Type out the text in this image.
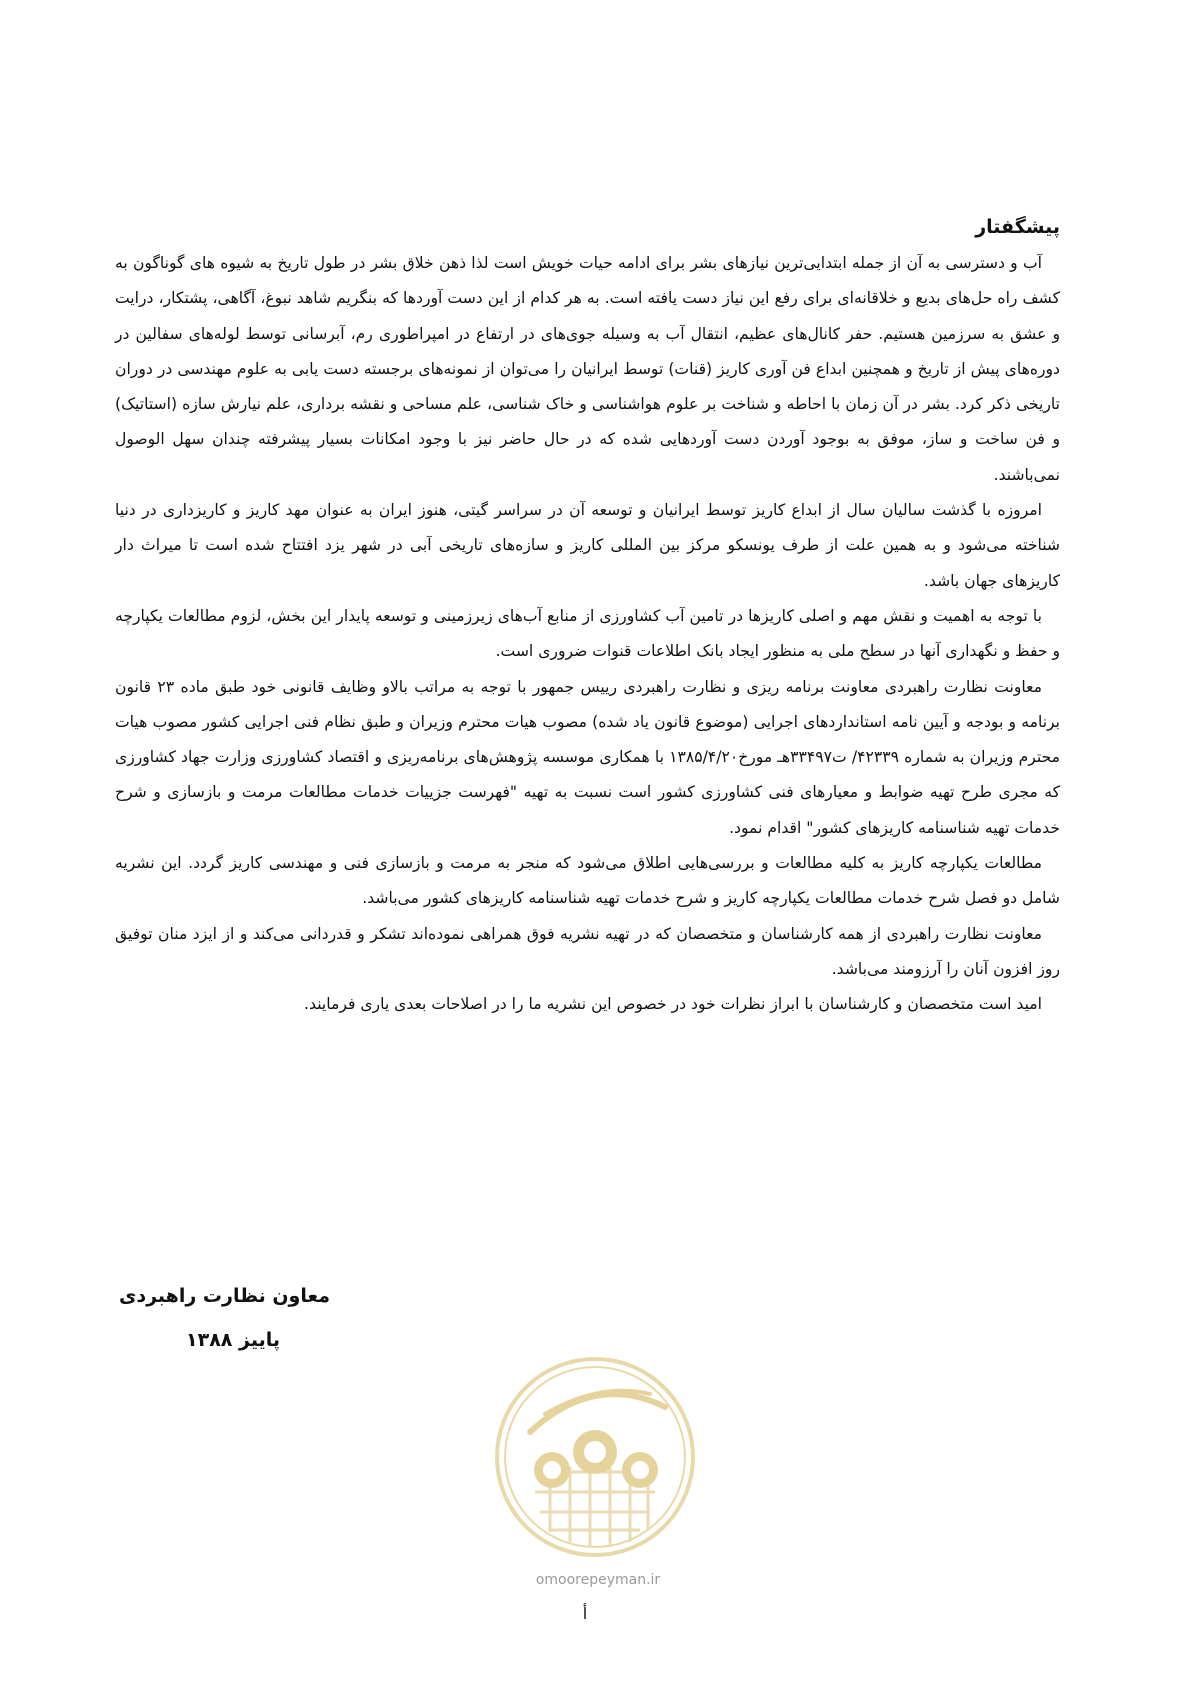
پیشگفتار

آب و دسترسی به آن از جمله ابتدایی‌ترین نیازهای بشر برای ادامه حیات خویش است لذا ذهن خلاق بشر در طول تاریخ به شیوه های گوناگون به کشف راه حل‌های بدیع و خلاقانه‌ای برای رفع این نیاز دست یافته است. به هر کدام از این دست آوردها که بنگریم شاهد نبوغ، آگاهی، پشتکار، درایت و عشق به سرزمین هستیم. حفر کانال‌های عظیم، انتقال آب به وسیله جوی‌های در ارتفاع در امپراطوری رم، آبرسانی توسط لوله‌های سفالین در دوره‌های پیش از تاریخ و همچنین ابداع فن آوری کاریز (قنات) توسط ایرانیان را می‌توان از نمونه‌های برجسته دست یابی به علوم مهندسی در دوران تاریخی ذکر کرد. بشر در آن زمان با احاطه و شناخت بر علوم هواشناسی و خاک شناسی، علم مساحی و نقشه برداری، علم نیارش سازه (استاتیک) و فن ساخت و ساز، موفق به بوجود آوردن دست آوردهایی شده که در حال حاضر نیز با وجود امکانات بسیار پیشرفته چندان سهل الوصول نمی‌باشند.

امروزه با گذشت سالیان سال از ابداع کاریز توسط ایرانیان و توسعه آن در سراسر گیتی، هنوز ایران به عنوان مهد کاریز و کاریزداری در دنیا شناخته می‌شود و به همین علت از طرف یونسکو مرکز بین المللی کاریز و سازه‌های تاریخی آبی در شهر یزد افتتاح شده است تا میراث دار کاریزهای جهان باشد.

با توجه به اهمیت و نقش مهم و اصلی کاریزها در تامین آب کشاورزی از منابع آب‌های زیرزمینی و توسعه پایدار این بخش، لزوم مطالعات یکپارچه و حفظ و نگهداری آنها در سطح ملی به منظور ایجاد بانک اطلاعات قنوات ضروری است.

معاونت نظارت راهبردی معاونت برنامه ریزی و نظارت راهبردی رییس جمهور با توجه به مراتب بالاو وظایف قانونی خود طبق ماده ۲۳ قانون برنامه و بودجه و آیین نامه استانداردهای اجرایی (موضوع قانون یاد شده) مصوب هیات محترم وزیران و طبق نظام فنی اجرایی کشور مصوب هیات محترم وزیران به شماره ۴۲۳۳۹/ ت۳۳۴۹۷هـ مورخ۱۳۸۵/۴/۲۰ با همکاری موسسه پژوهش‌های برنامه‌ریزی و اقتصاد کشاورزی وزارت جهاد کشاورزی که مجری طرح تهیه ضوابط و معیارهای فنی کشاورزی کشور است نسبت به تهیه "فهرست جزییات خدمات مطالعات مرمت و بازسازی و شرح خدمات تهیه شناسنامه کاریزهای کشور" اقدام نمود.

مطالعات یکپارچه کاریز به کلیه مطالعات و بررسی‌هایی اطلاق می‌شود که منجر به مرمت و بازسازی فنی و مهندسی کاریز گردد. این نشریه شامل دو فصل شرح خدمات مطالعات یکپارچه کاریز و شرح خدمات تهیه شناسنامه کاریزهای کشور می‌باشد.

معاونت نظارت راهبردی از همه کارشناسان و متخصصان که در تهیه نشریه فوق همراهی نموده‌اند تشکر و قدردانی می‌کند و از ایزد منان توفیق روز افزون آنان را آرزومند می‌باشد.

امید است متخصصان و کارشناسان با ابراز نظرات خود در خصوص این نشریه ما را در اصلاحات بعدی یاری فرمایند.

معاون نظارت راهبردی

پاییز ۱۳۸۸

omoorepeyman.ir
أ
